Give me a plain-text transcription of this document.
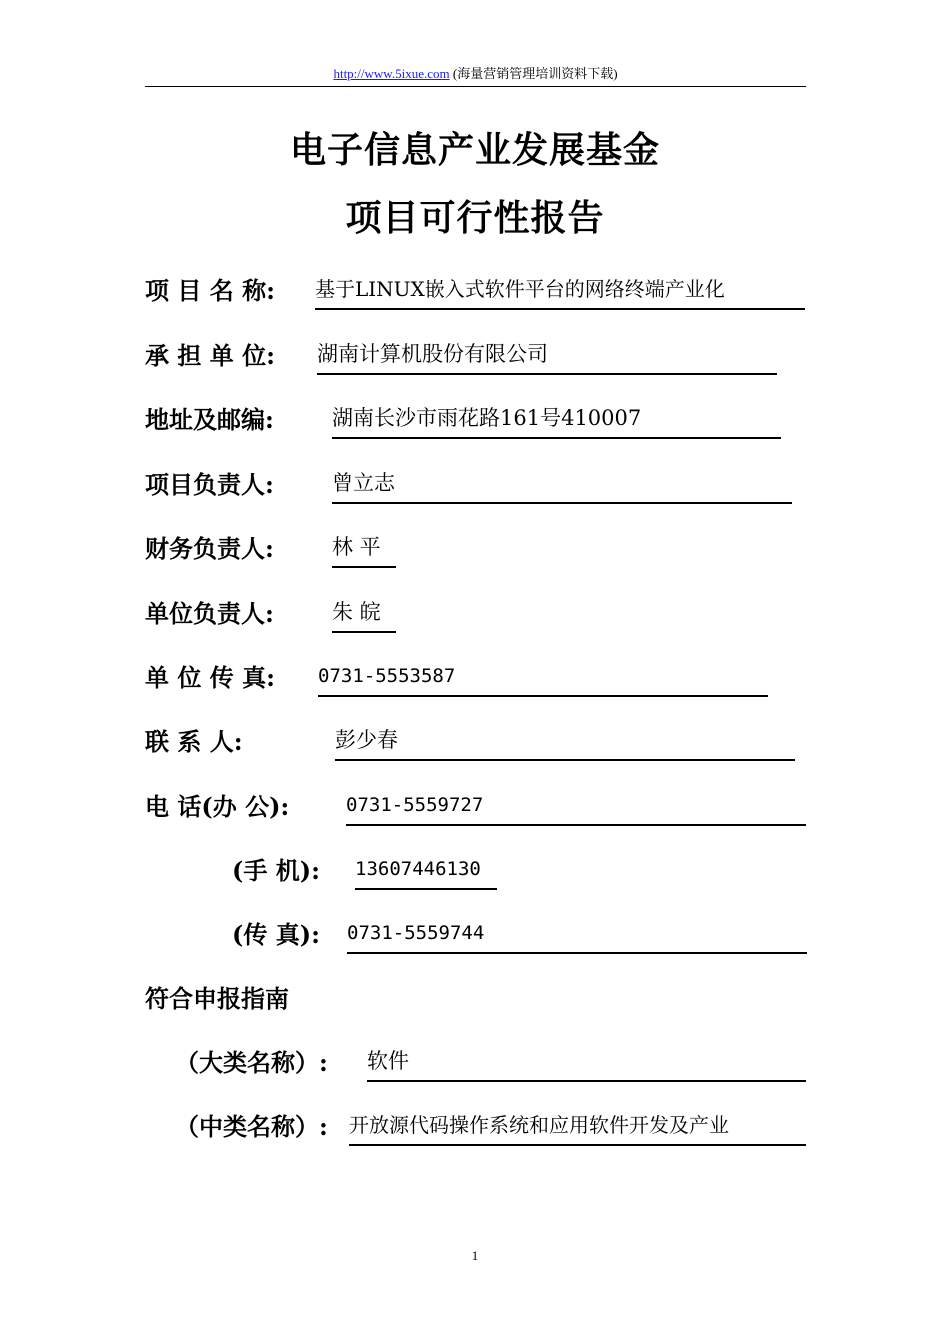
http://www.5ixue.com (海量营销管理培训资料下载)
电子信息产业发展基金
项目可行性报告
项 目 名 称: 基于LINUX嵌入式软件平台的网络终端产业化
承 担 单 位: 湖南计算机股份有限公司
地址及邮编:	湖南长沙市雨花路161号410007
项目负责人:	曾立志
财务负责人:	林 平
单位负责人:	朱 皖
单 位 传 真: 0731-5553587
联 系 人:	彭少春
电 话(办 公):	0731-5559727
(手 机): 13607446130
(传 真): 0731-5559744
符合申报指南
（大类名称）: 软件
（中类名称）: 开放源代码操作系统和应用软件开发及产业
1
